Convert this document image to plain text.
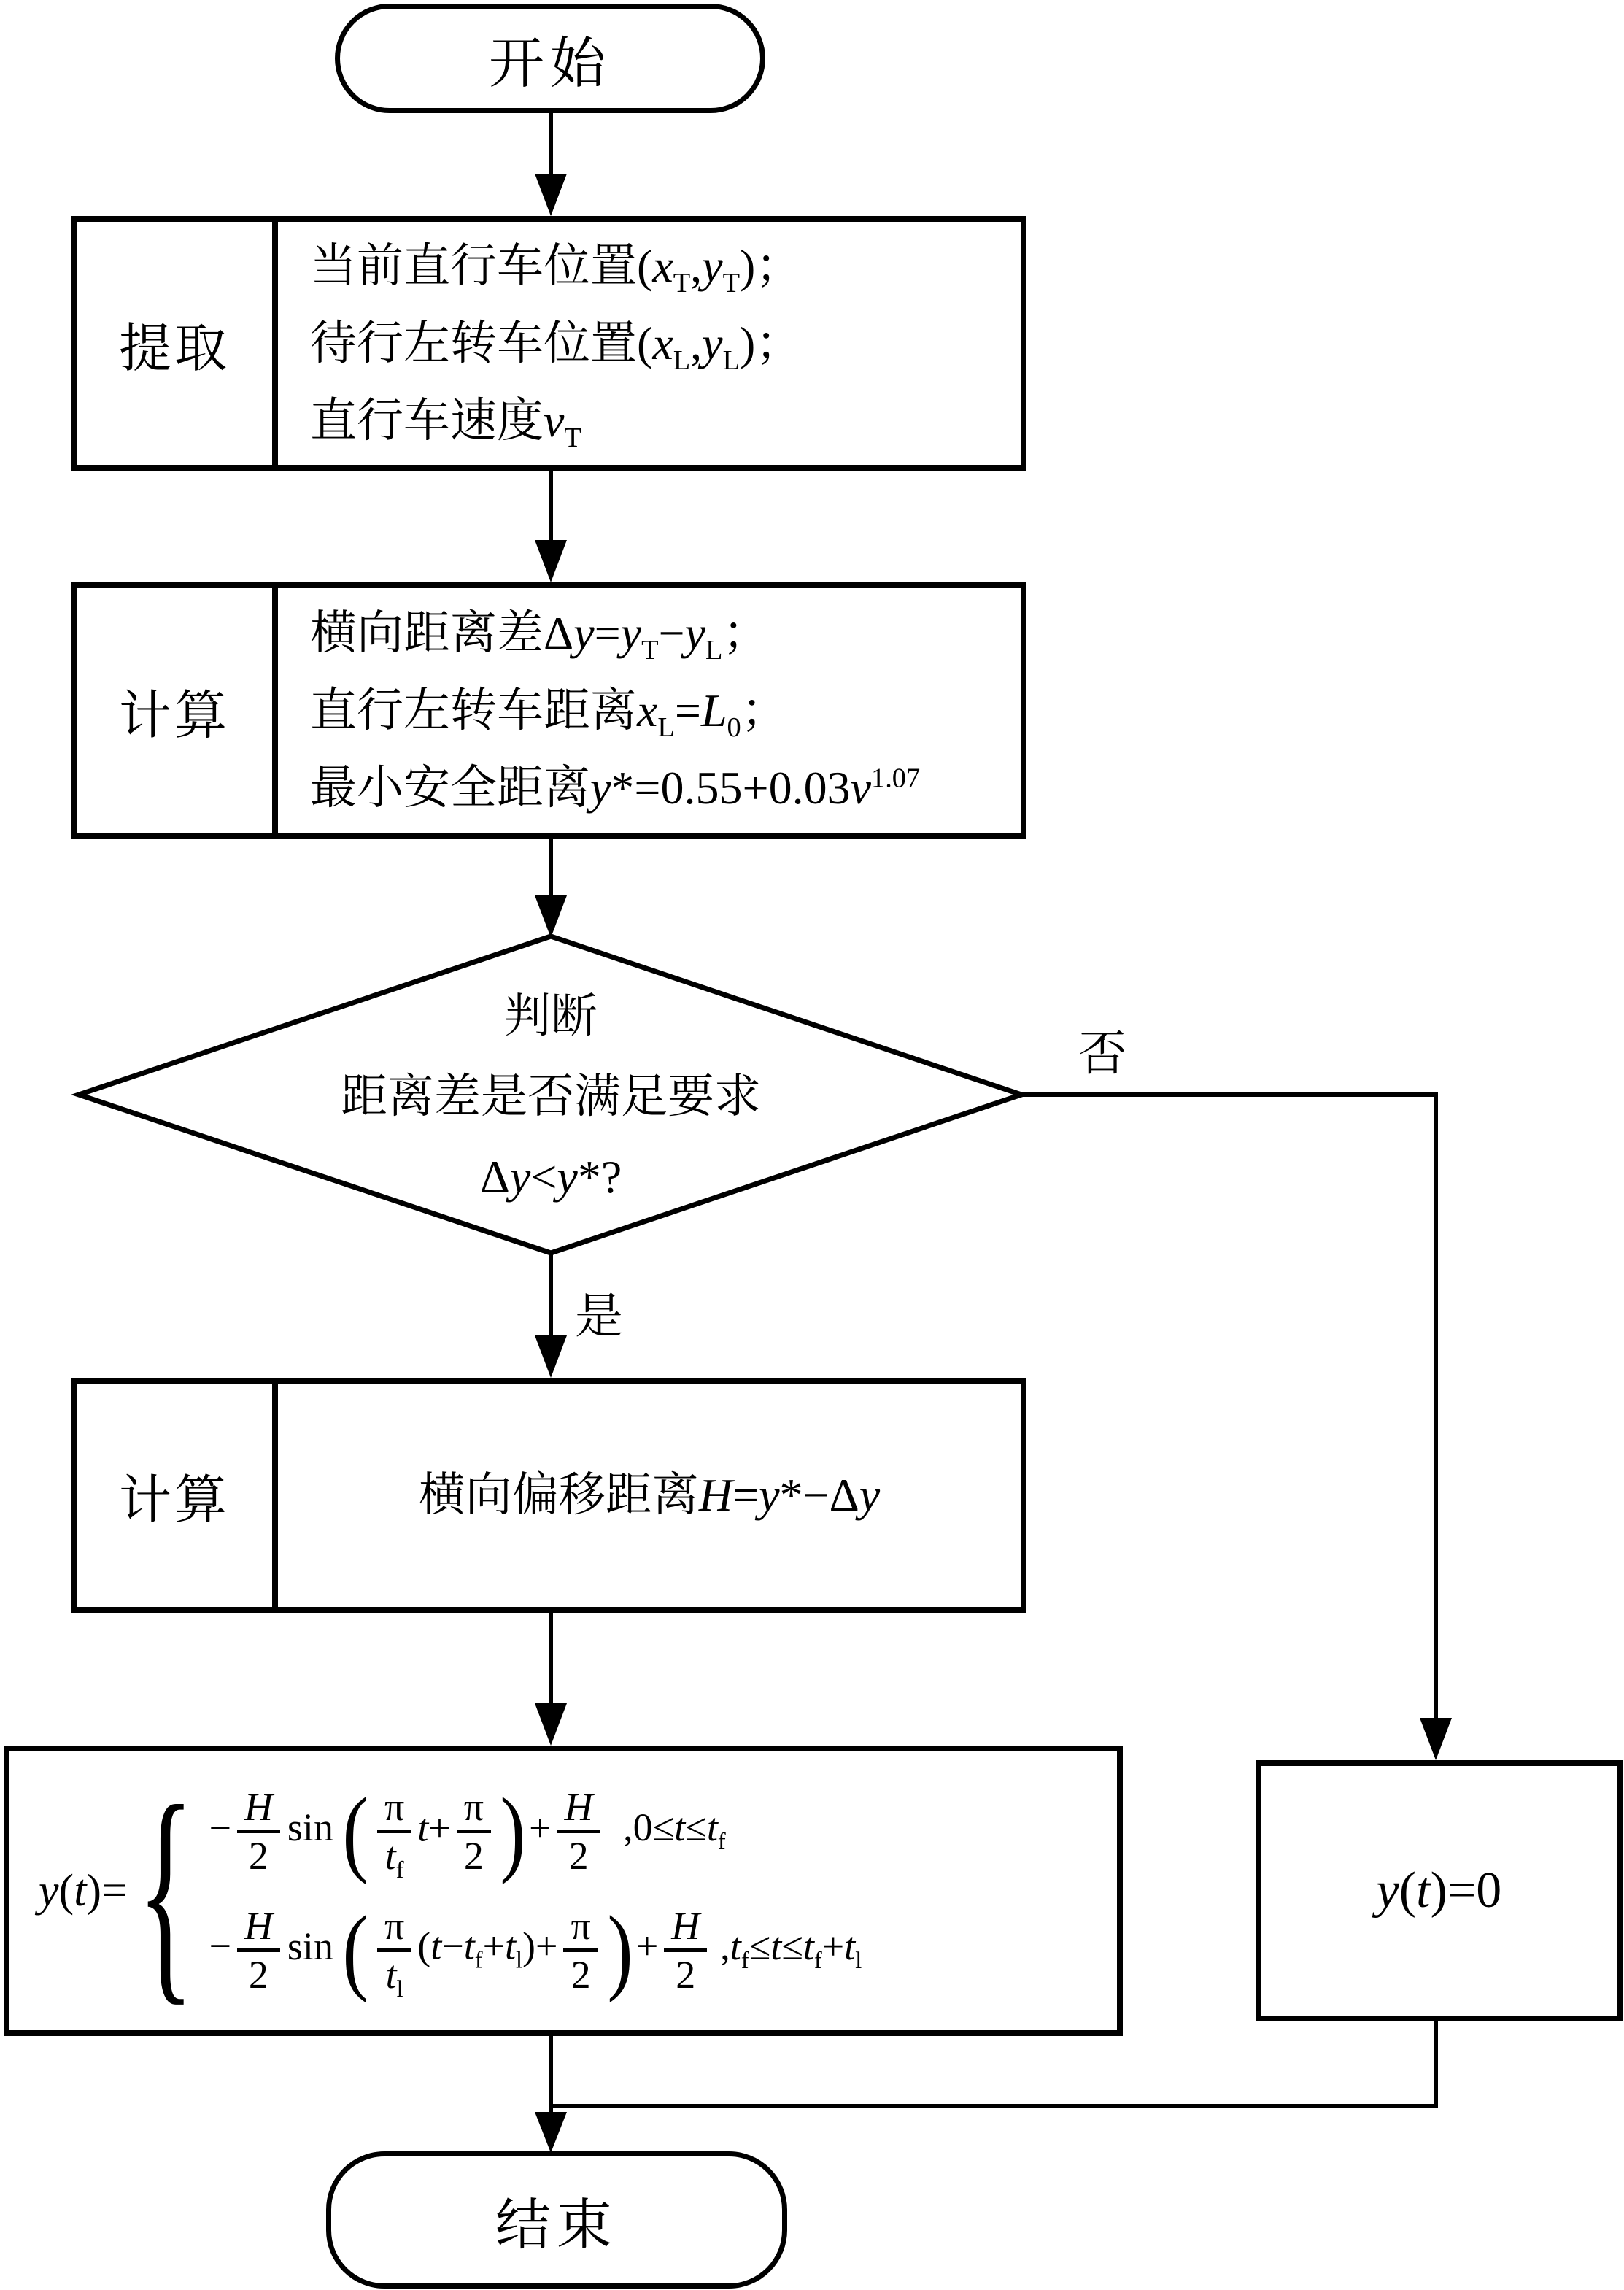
开始
提取
当前直行车位置$(x_T,y_T)$；
待行左转车位置$(x_L,y_L)$；
直行车速度$v_T$
计算
横向距离差$\Delta y=y_T-y_L$；
直行左转车距离$x_L=L_0$；
最小安全距离$y*=0.55+0.03v^{1.07}$
判断
距离差是否满足要求
Δy<y*?
是
否
计算	横向偏移距离H=y*−Δy
y(t)= { − $\frac{H}{2} \sin( \frac{\pi}{t_f} t+ \frac{\pi}{2}$ )+ $\frac{H}{2} ,0\le t\le t_f$
− $\frac{H}{2} \sin( \frac{\pi}{t_l} (t-t_f+t_l)+ \frac{\pi}{2}$ )+ $\frac{H}{2} ,t_f\le t\le t_f+t_l$
y(t)=0
结束
